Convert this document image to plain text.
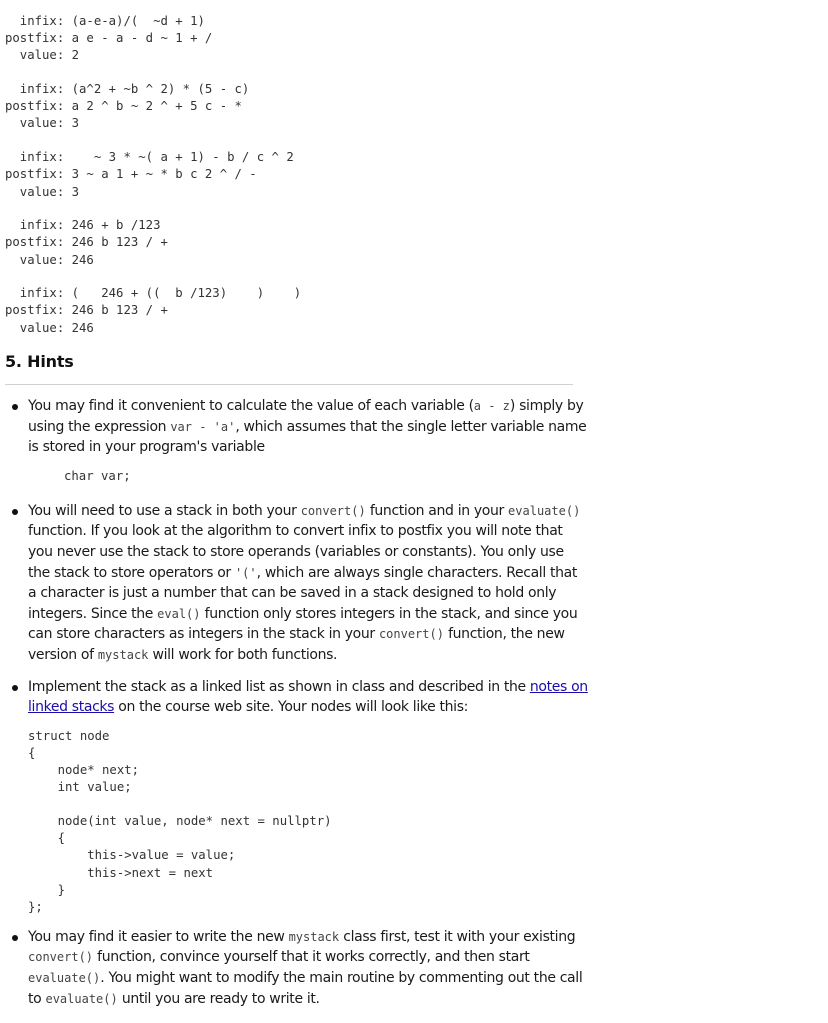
infix: (a-e-a)/(  ~d + 1)
postfix: a e - a - d ~ 1 + /
value: 2
infix: (a^2 + ~b ^ 2) * (5 - c)
postfix: a 2 ^ b ~ 2 ^ + 5 c - *
value: 3
infix:    ~ 3 * ~( a + 1) - b / c ^ 2
postfix: 3 ~ a 1 + ~ * b c 2 ^ / -
value: 3
infix: 246 + b /123
postfix: 246 b 123 / +
value: 246
infix: (   246 + ((  b /123)    )    )
postfix: 246 b 123 / +
value: 246
5. Hints

You may find it convenient to calculate the value of each variable (a - z) simply by using the expression var - 'a', which assumes that the single letter variable name is stored in your program's variable

char var;

You will need to use a stack in both your convert() function and in your evaluate() function. If you look at the algorithm to convert infix to postfix you will note that you never use the stack to store operands (variables or constants). You only use the stack to store operators or '(', which are always single characters. Recall that a character is just a number that can be saved in a stack designed to hold only integers. Since the eval() function only stores integers in the stack, and since you can store characters as integers in the stack in your convert() function, the new version of mystack will work for both functions.

Implement the stack as a linked list as shown in class and described in the notes on linked stacks on the course web site. Your nodes will look like this:

struct node
{
node* next;
int value;

node(int value, node* next = nullptr)
{
this->value = value;
this->next = next
}
};

You may find it easier to write the new mystack class first, test it with your existing convert() function, convince yourself that it works correctly, and then start evaluate(). You might want to modify the main routine by commenting out the call to evaluate() until you are ready to write it.
